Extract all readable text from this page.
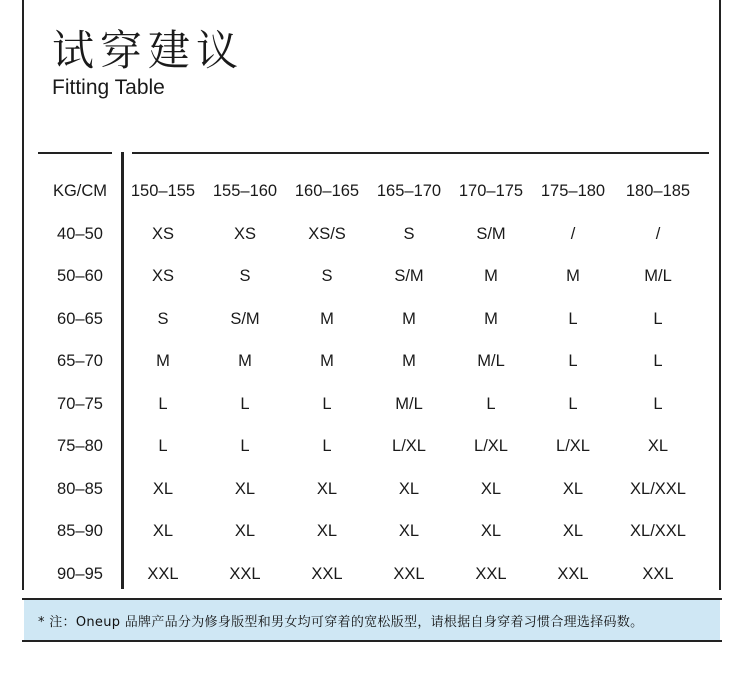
试穿建议
Fitting Table
KG/CM 150–155 155–160 160–165 165–170 170–175 175–180 180–185
40–50	XS	XS	XS/S	S	S/M	/	/
50–60	XS	S	S	S/M	M	M	M/L
60–65	S	S/M	M	M	M	L	L
65–70	M	M	M	M	M/L	L	L
70–75	L	L	L	M/L	L	L	L
75–80	L	L	L	L/XL	L/XL	L/XL	XL
80–85	XL	XL	XL	XL	XL	XL	XL/XXL
85–90	XL	XL	XL	XL	XL	XL	XL/XXL
90–95	XXL	XXL	XXL	XXL	XXL	XXL	XXL
* 注：Oneup 品牌产品分为修身版型和男女均可穿着的宽松版型，请根据自身穿着习惯合理选择码数。
